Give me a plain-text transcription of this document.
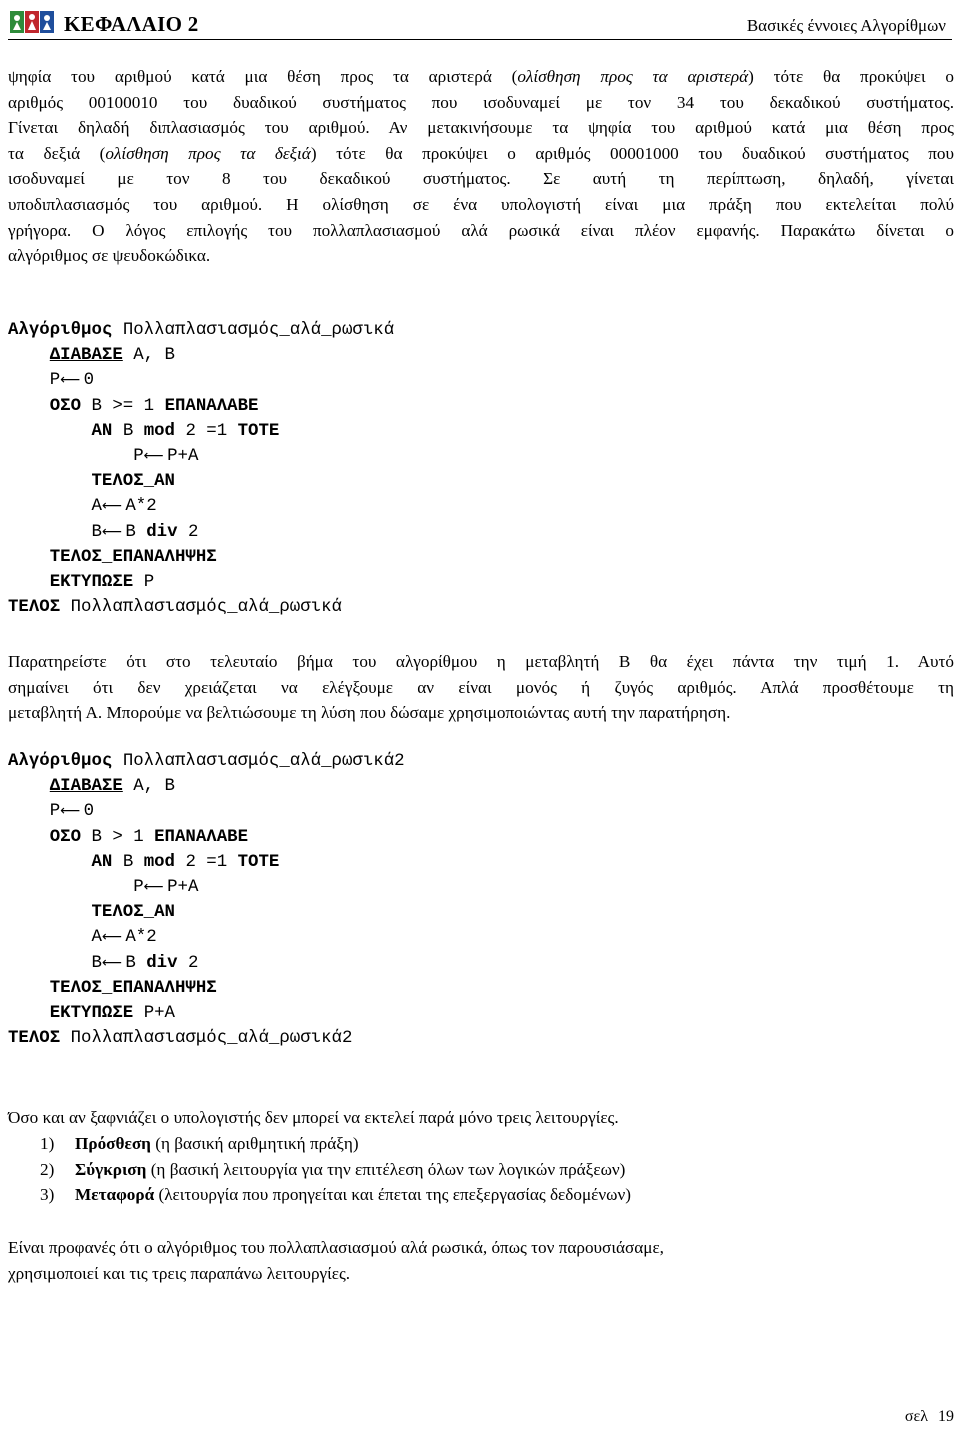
ΚΕΦΑΛΑΙΟ 2	Βασικές έννοιες Αλγορίθμων
ψηφία του αριθμού κατά μια θέση προς τα αριστερά (ολίσθηση προς τα αριστερά) τότε θα προκύψει ο
αριθμός 00100010 του δυαδικού συστήματος που ισοδυναμεί με τον 34 του δεκαδικού συστήματος.
Γίνεται δηλαδή διπλασιασμός του αριθμού. Αν μετακινήσουμε τα ψηφία του αριθμού κατά μια θέση προς
τα δεξιά (ολίσθηση προς τα δεξιά) τότε θα προκύψει ο αριθμός 00001000 του δυαδικού συστήματος που
ισοδυναμεί με τον 8 του δεκαδικού συστήματος. Σε αυτή τη περίπτωση, δηλαδή, γίνεται
υποδιπλασιασμός του αριθμού. Η ολίσθηση σε ένα υπολογιστή είναι μια πράξη που εκτελείται πολύ
γρήγορα. Ο λόγος επιλογής του πολλαπλασιασμού αλά ρωσικά είναι πλέον εμφανής. Παρακάτω δίνεται ο
αλγόριθμος σε ψευδοκώδικα.
Αλγόριθμος Πολλαπλασιασμός_αλά_ρωσικά
ΔΙΑΒΑΣΕ Α, Β
Ρ⟵ 0
ΟΣΟ Β >= 1 ΕΠΑΝΑΛΑΒΕ
ΑΝ Β mod 2 =1 ΤΟΤΕ
Ρ⟵ Ρ+Α
ΤΕΛΟΣ_ΑΝ
Α⟵ Α*2
Β⟵ Β div 2
ΤΕΛΟΣ_ΕΠΑΝΑΛΗΨΗΣ
ΕΚΤΥΠΩΣΕ Ρ
ΤΕΛΟΣ Πολλαπλασιασμός_αλά_ρωσικά
Παρατηρείστε ότι στο τελευταίο βήμα του αλγορίθμου η μεταβλητή Β θα έχει πάντα την τιμή 1. Αυτό
σημαίνει ότι δεν χρειάζεται να ελέγξουμε αν είναι μονός ή ζυγός αριθμός. Απλά προσθέτουμε τη
μεταβλητή Α. Μπορούμε να βελτιώσουμε τη λύση που δώσαμε χρησιμοποιώντας αυτή την παρατήρηση.
Αλγόριθμος Πολλαπλασιασμός_αλά_ρωσικά2
ΔΙΑΒΑΣΕ Α, Β
Ρ⟵ 0
ΟΣΟ Β > 1 ΕΠΑΝΑΛΑΒΕ
ΑΝ Β mod 2 =1 ΤΟΤΕ
Ρ⟵ Ρ+Α
ΤΕΛΟΣ_ΑΝ
Α⟵ Α*2
Β⟵ Β div 2
ΤΕΛΟΣ_ΕΠΑΝΑΛΗΨΗΣ
ΕΚΤΥΠΩΣΕ Ρ+Α
ΤΕΛΟΣ Πολλαπλασιασμός_αλά_ρωσικά2
Όσο και αν ξαφνιάζει ο υπολογιστής δεν μπορεί να εκτελεί παρά μόνο τρεις λειτουργίες.
1) Πρόσθεση (η βασική αριθμητική πράξη)
2) Σύγκριση (η βασική λειτουργία για την επιτέλεση όλων των λογικών πράξεων)
3) Μεταφορά (λειτουργία που προηγείται και έπεται της επεξεργασίας δεδομένων)
Είναι προφανές ότι ο αλγόριθμος του πολλαπλασιασμού αλά ρωσικά, όπως τον παρουσιάσαμε,
χρησιμοποιεί και τις τρεις παραπάνω λειτουργίες.
σελ 19
